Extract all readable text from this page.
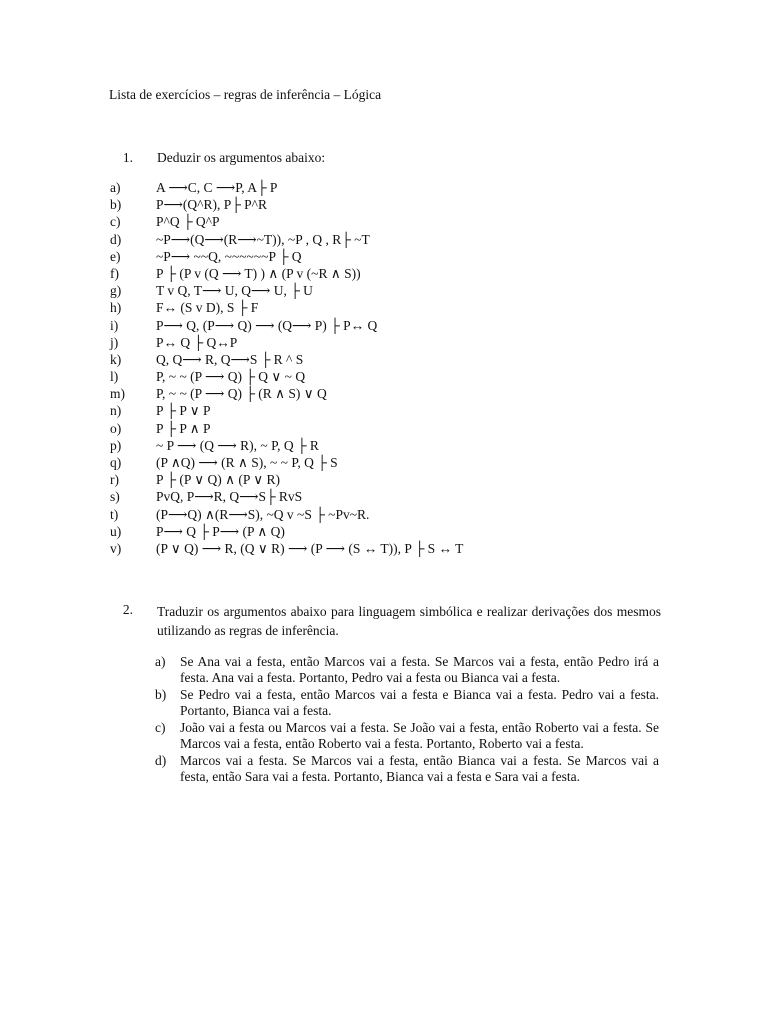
Lista de exercícios – regras de inferência – Lógica
1. Deduzir os argumentos abaixo:
a)	A ⟶C, C ⟶P, A├ P
b)	P⟶(Q^R), P├ P^R
c)	P^Q ├ Q^P
d)	~P⟶(Q⟶(R⟶~T)), ~P , Q , R├ ~T
e)	~P⟶ ~~Q, ~~~~~~P ├ Q
f)	P ├ (P v (Q ⟶ T) ) ∧ (P v (~R ∧ S))
g)	T v Q, T⟶ U, Q⟶ U, ├ U
h)	F↔ (S v D), S ├ F
i)	P⟶ Q, (P⟶ Q) ⟶ (Q⟶ P) ├ P↔ Q
j)	P↔ Q ├ Q↔P
k)	Q, Q⟶ R, Q⟶S ├ R ^ S
l)	P, ~ ~ (P ⟶ Q) ├ Q ∨ ~ Q
m)	P, ~ ~ (P ⟶ Q) ├ (R ∧ S) ∨ Q
n)	P ├ P ∨ P
o)	P ├ P ∧ P
p)	~ P ⟶ (Q ⟶ R), ~ P, Q ├ R
q)	(P ∧Q) ⟶ (R ∧ S), ~ ~ P, Q ├ S
r)	P ├ (P ∨ Q) ∧ (P ∨ R)
s)	PvQ, P⟶R, Q⟶S├ RvS
t)	(P⟶Q) ∧(R⟶S), ~Q v ~S ├ ~Pv~R.
u)	P⟶ Q ├ P⟶ (P ∧ Q)
v)	(P ∨ Q) ⟶ R, (Q ∨ R) ⟶ (P ⟶ (S ↔ T)), P ├ S ↔ T
2. Traduzir os argumentos abaixo para linguagem simbólica e realizar derivações dos mesmos utilizando as regras de inferência.
a) Se Ana vai a festa, então Marcos vai a festa. Se Marcos vai a festa, então Pedro irá a festa. Ana vai a festa. Portanto, Pedro vai a festa ou Bianca vai a festa.
b) Se Pedro vai a festa, então Marcos vai a festa e Bianca vai a festa. Pedro vai a festa. Portanto, Bianca vai a festa.
c) João vai a festa ou Marcos vai a festa. Se João vai a festa, então Roberto vai a festa. Se Marcos vai a festa, então Roberto vai a festa. Portanto, Roberto vai a festa.
d) Marcos vai a festa. Se Marcos vai a festa, então Bianca vai a festa. Se Marcos vai a festa, então Sara vai a festa. Portanto, Bianca vai a festa e Sara vai a festa.
